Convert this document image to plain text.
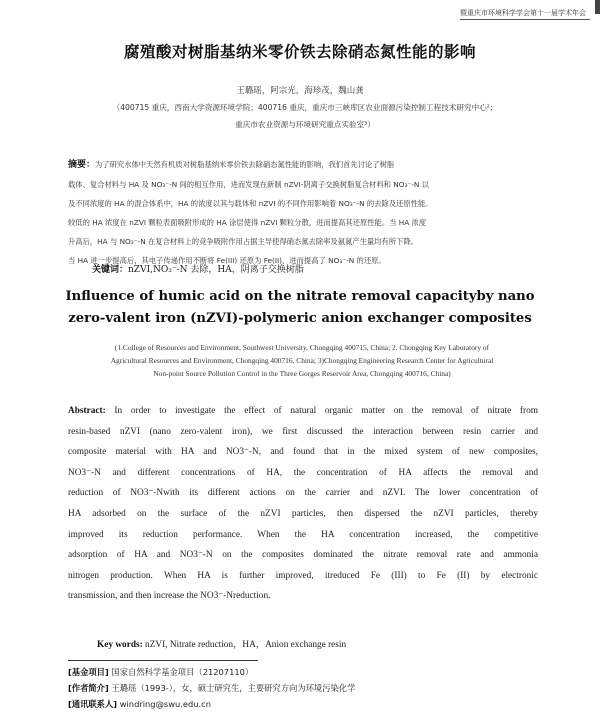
暨重庆市环境科学学会第十一届学术年会
腐殖酸对树脂基纳米零价铁去除硝态氮性能的影响
王璐瑶，阿宗光，海珍茂，魏山龚
（400715 重庆，西南大学资源环境学院；400716 重庆，重庆市三峡库区农业面源污染控制工程技术研究中心²；
重庆市农业资源与环境研究重点实验室³）
摘要：为了研究水体中天然有机质对树脂基纳米零价铁去除硝态氮性能的影响，我们首先讨论了树脂
载体、复合材料与 HA 及 NO₃⁻-N 间的相互作用，进而发现在新制 nZVI-阴离子交换树脂复合材料和 NO₃⁻-N 以
及不同浓度的 HA 的混合体系中，HA 的浓度以其与载体和 nZVI 的不同作用影响着 NO₃⁻-N 的去除及还原性能。
较低的 HA 浓度在 nZVI 颗粒表面吸附形成的 HA 涂层使得 nZVI 颗粒分散，进而提高其还原性能。当 HA 浓度
升高后，HA 与 NO₃⁻-N 在复合材料上的竞争吸附作用占据主导使得硝态氮去除率及氨氮产生量均有所下降。
当 HA 进一步提高后，其电子传递作用不断将 Fe(III) 还原为 Fe(II)，进而提高了 NO₃⁻-N 的还原。
关键词：nZVI,NO₃⁻-N 去除，HA，阴离子交换树脂
Influence of humic acid on the nitrate removal capacityby nano
zero-valent iron (nZVI)-polymeric anion exchanger composites
(1.College of Resources and Environment, Southwest University, Chongqing 400715, China; 2. Chongqing Key Laboratory of
Agricultural Resources and Environment, Chongqing 400716, China; 3)Chongqing Engineering Research Center for Agricultural
Non-point Source Pollution Control in the Three Gorges Reservoir Area, Chongqing 400716, China)
Abstract: In order to investigate the effect of natural organic matter on the removal of nitrate from
resin-based nZVI (nano zero-valent iron), we first discussed the interaction between resin carrier and
composite material with HA and NO3⁻-N, and found that in the mixed system of new composites,
NO3⁻-N and different concentrations of HA, the concentration of HA affects the removal and
reduction of NO3⁻-Nwith its different actions on the carrier and nZVI. The lower concentration of
HA adsorbed on the surface of the nZVI particles, then dispersed the nZVI particles, thereby
improved its reduction performance. When the HA concentration increased, the competitive
adsorption of HA and NO3⁻-N on the composites dominated the nitrate removal rate and ammonia
nitrogen production. When HA is further improved, itreduced Fe (III) to Fe (II) by electronic
transmission, and then increase the NO3⁻-Nreduction.
Key words: nZVI, Nitrate reduction，HA，Anion exchange resin
[基金项目] 国家自然科学基金项目（21207110）
[作者简介] 王璐瑶（1993-），女，硕士研究生，主要研究方向为环境污染化学
[通讯联系人] windring@swu.edu.cn
